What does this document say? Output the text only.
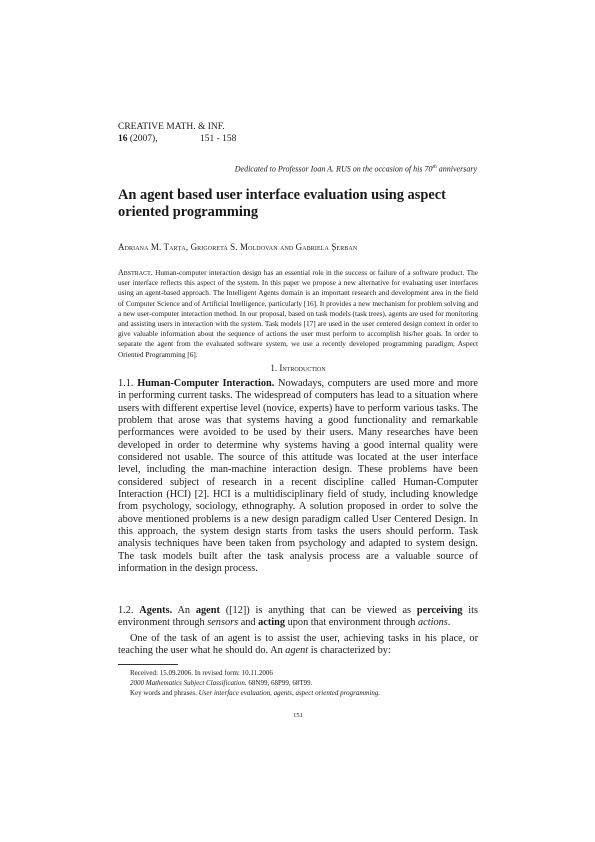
CREATIVE MATH. & INF.
16 (2007),	151 - 158
Dedicated to Professor Ioan A. RUS on the occasion of his 70th anniversary
An agent based user interface evaluation using aspect oriented programming
Adriana M. Tarța, Grigoreta S. Moldovan and Gabriela Șerban

Abstract. Human-computer interaction design has an essential role in the success or failure of a software product. The user interface reflects this aspect of the system. In this paper we propose a new alternative for evaluating user interfaces using an agent-based approach. The Intelligent Agents domain is an important research and development area in the field of Computer Science and of Artificial Intelligence, particularly [16]. It provides a new mechanism for problem solving and a new user-computer interaction method. In our proposal, based on task models (task trees), agents are used for monitoring and assisting users in interaction with the system. Task models [17] are used in the user centered design context in order to give valuable information about the sequence of actions the user must perform to accomplish his/her goals. In order to separate the agent from the evaluated software system, we use a recently developed programming paradigm, Aspect Oriented Programming [6].

1. Introduction

1.1. Human-Computer Interaction. Nowadays, computers are used more and more in performing current tasks. The widespread of computers has lead to a situation where users with different expertise level (novice, experts) have to perform various tasks. The problem that arose was that systems having a good functionality and remarkable performances were avoided to be used by their users. Many researches have been developed in order to determine why systems having a good internal quality were considered not usable. The source of this attitude was located at the user interface level, including the man-machine interaction design. These problems have been considered subject of research in a recent discipline called Human-Computer Interaction (HCI) [2]. HCI is a multidisciplinary field of study, including knowledge from psychology, sociology, ethnography. A solution proposed in order to solve the above mentioned problems is a new design paradigm called User Centered Design. In this approach, the system design starts from tasks the users should perform. Task analysis techniques have been taken from psychology and adapted to system design. The task models built after the task analysis process are a valuable source of information in the design process.

1.2. Agents. An agent ([12]) is anything that can be viewed as perceiving its environment through sensors and acting upon that environment through actions.

One of the task of an agent is to assist the user, achieving tasks in his place, or teaching the user what he should do. An agent is characterized by:

Received: 15.09.2006. In revised form: 10.11.2006
2000 Mathematics Subject Classification. 68N99, 68P99, 68T99.
Key words and phrases. User interface evaluation, agents, aspect oriented programming.
151
